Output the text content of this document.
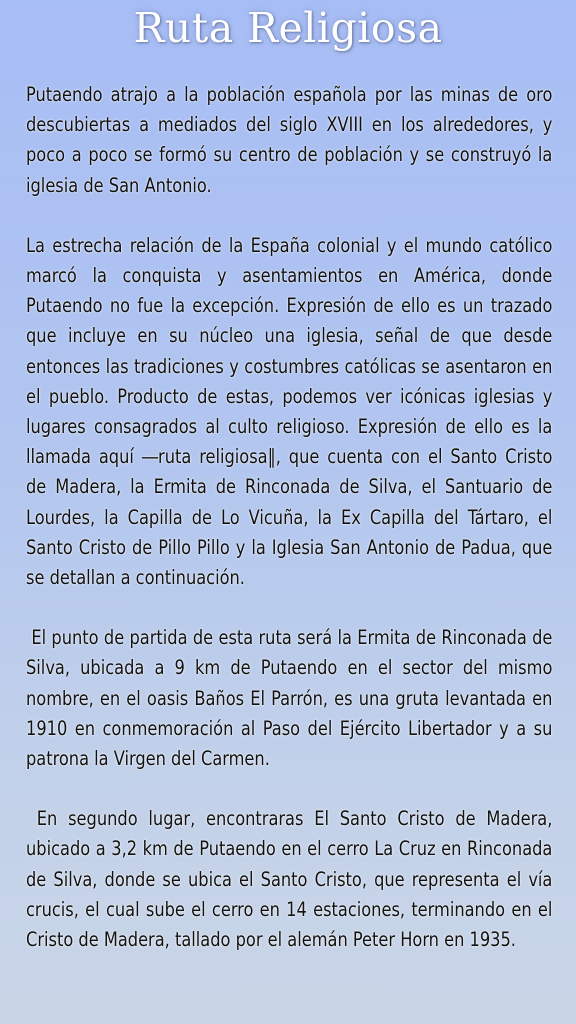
Ruta Religiosa

Putaendo atrajo a la población española por las minas de oro descubiertas a mediados del siglo XVIII en los alrededores, y poco a poco se formó su centro de población y se construyó la iglesia de San Antonio.

La estrecha relación de la España colonial y el mundo católico marcó la conquista y asentamientos en América, donde Putaendo no fue la excepción. Expresión de ello es un trazado que incluye en su núcleo una iglesia, señal de que desde entonces las tradiciones y costumbres católicas se asentaron en el pueblo. Producto de estas, podemos ver icónicas iglesias y lugares consagrados al culto religioso. Expresión de ello es la llamada aquí ―ruta religiosa‖, que cuenta con el Santo Cristo de Madera, la Ermita de Rinconada de Silva, el Santuario de Lourdes, la Capilla de Lo Vicuña, la Ex Capilla del Tártaro, el Santo Cristo de Pillo Pillo y la Iglesia San Antonio de Padua, que se detallan a continuación.

El punto de partida de esta ruta será la Ermita de Rinconada de Silva, ubicada a 9 km de Putaendo en el sector del mismo nombre, en el oasis Baños El Parrón, es una gruta levantada en 1910 en conmemoración al Paso del Ejército Libertador y a su patrona la Virgen del Carmen.

En segundo lugar, encontraras El Santo Cristo de Madera, ubicado a 3,2 km de Putaendo en el cerro La Cruz en Rinconada de Silva, donde se ubica el Santo Cristo, que representa el vía crucis, el cual sube el cerro en 14 estaciones, terminando en el Cristo de Madera, tallado por el alemán Peter Horn en 1935.
